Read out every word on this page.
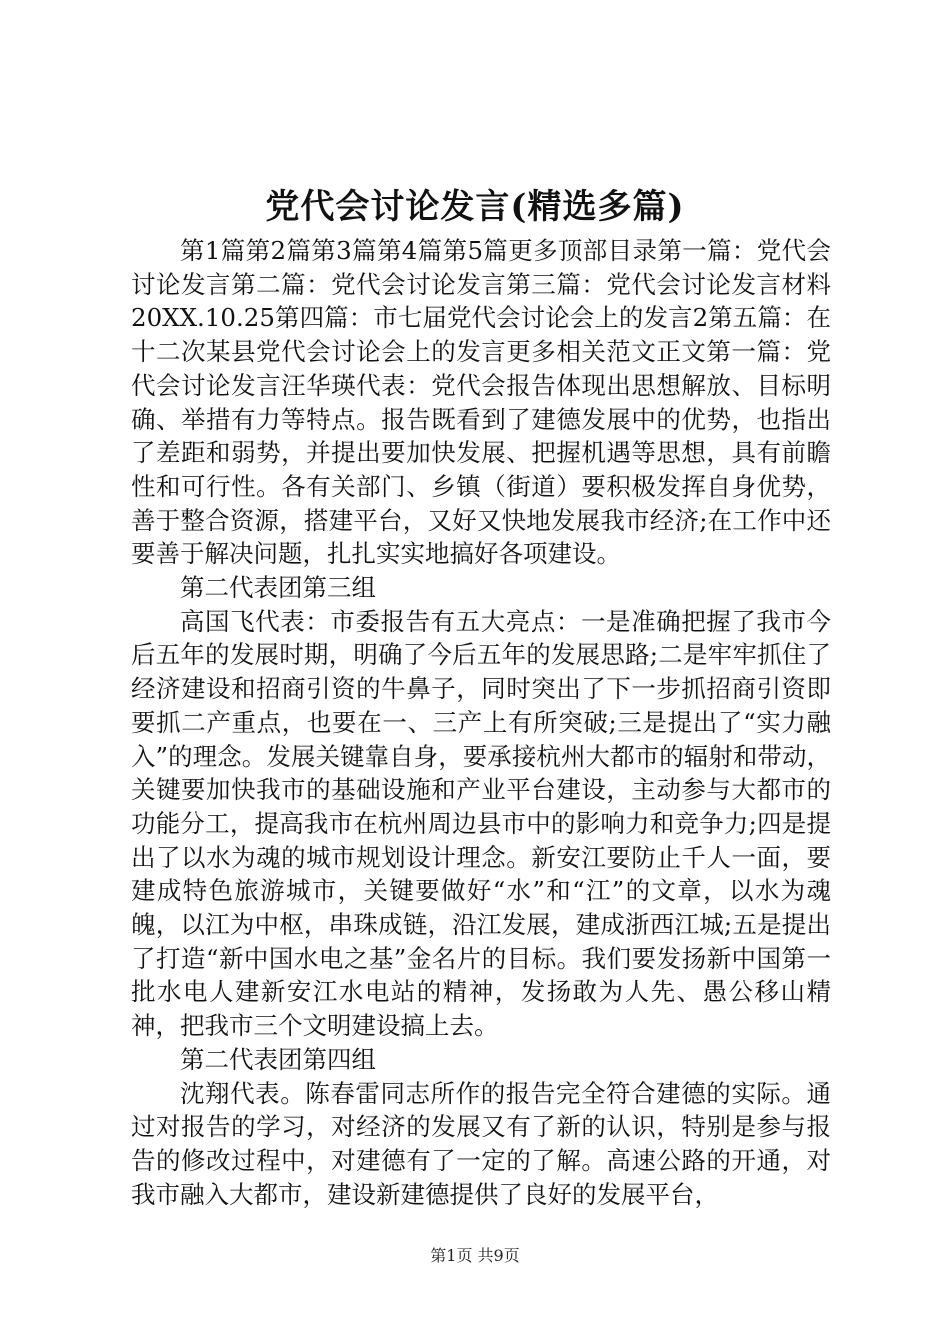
党代会讨论发言(精选多篇)

第1篇第2篇第3篇第4篇第5篇更多顶部目录第一篇：党代会讨论发言第二篇：党代会讨论发言第三篇：党代会讨论发言材料20XX.10.25第四篇：市七届党代会讨论会上的发言2第五篇：在十二次某县党代会讨论会上的发言更多相关范文正文第一篇：党代会讨论发言汪华瑛代表：党代会报告体现出思想解放、目标明确、举措有力等特点。报告既看到了建德发展中的优势，也指出了差距和弱势，并提出要加快发展、把握机遇等思想，具有前瞻性和可行性。各有关部门、乡镇（街道）要积极发挥自身优势，善于整合资源，搭建平台，又好又快地发展我市经济;在工作中还要善于解决问题，扎扎实实地搞好各项建设。

第二代表团第三组

高国飞代表：市委报告有五大亮点：一是准确把握了我市今后五年的发展时期，明确了今后五年的发展思路;二是牢牢抓住了经济建设和招商引资的牛鼻子，同时突出了下一步抓招商引资即要抓二产重点，也要在一、三产上有所突破;三是提出了“实力融入”的理念。发展关键靠自身，要承接杭州大都市的辐射和带动，关键要加快我市的基础设施和产业平台建设，主动参与大都市的功能分工，提高我市在杭州周边县市中的影响力和竞争力;四是提出了以水为魂的城市规划设计理念。新安江要防止千人一面，要建成特色旅游城市，关键要做好“水”和“江”的文章，以水为魂魄，以江为中枢，串珠成链，沿江发展，建成浙西江城;五是提出了打造“新中国水电之基”金名片的目标。我们要发扬新中国第一批水电人建新安江水电站的精神，发扬敢为人先、愚公移山精神，把我市三个文明建设搞上去。

第二代表团第四组

沈翔代表。陈春雷同志所作的报告完全符合建德的实际。通过对报告的学习，对经济的发展又有了新的认识，特别是参与报告的修改过程中，对建德有了一定的了解。高速公路的开通，对我市融入大都市，建设新建德提供了良好的发展平台，

第1页 共9页
